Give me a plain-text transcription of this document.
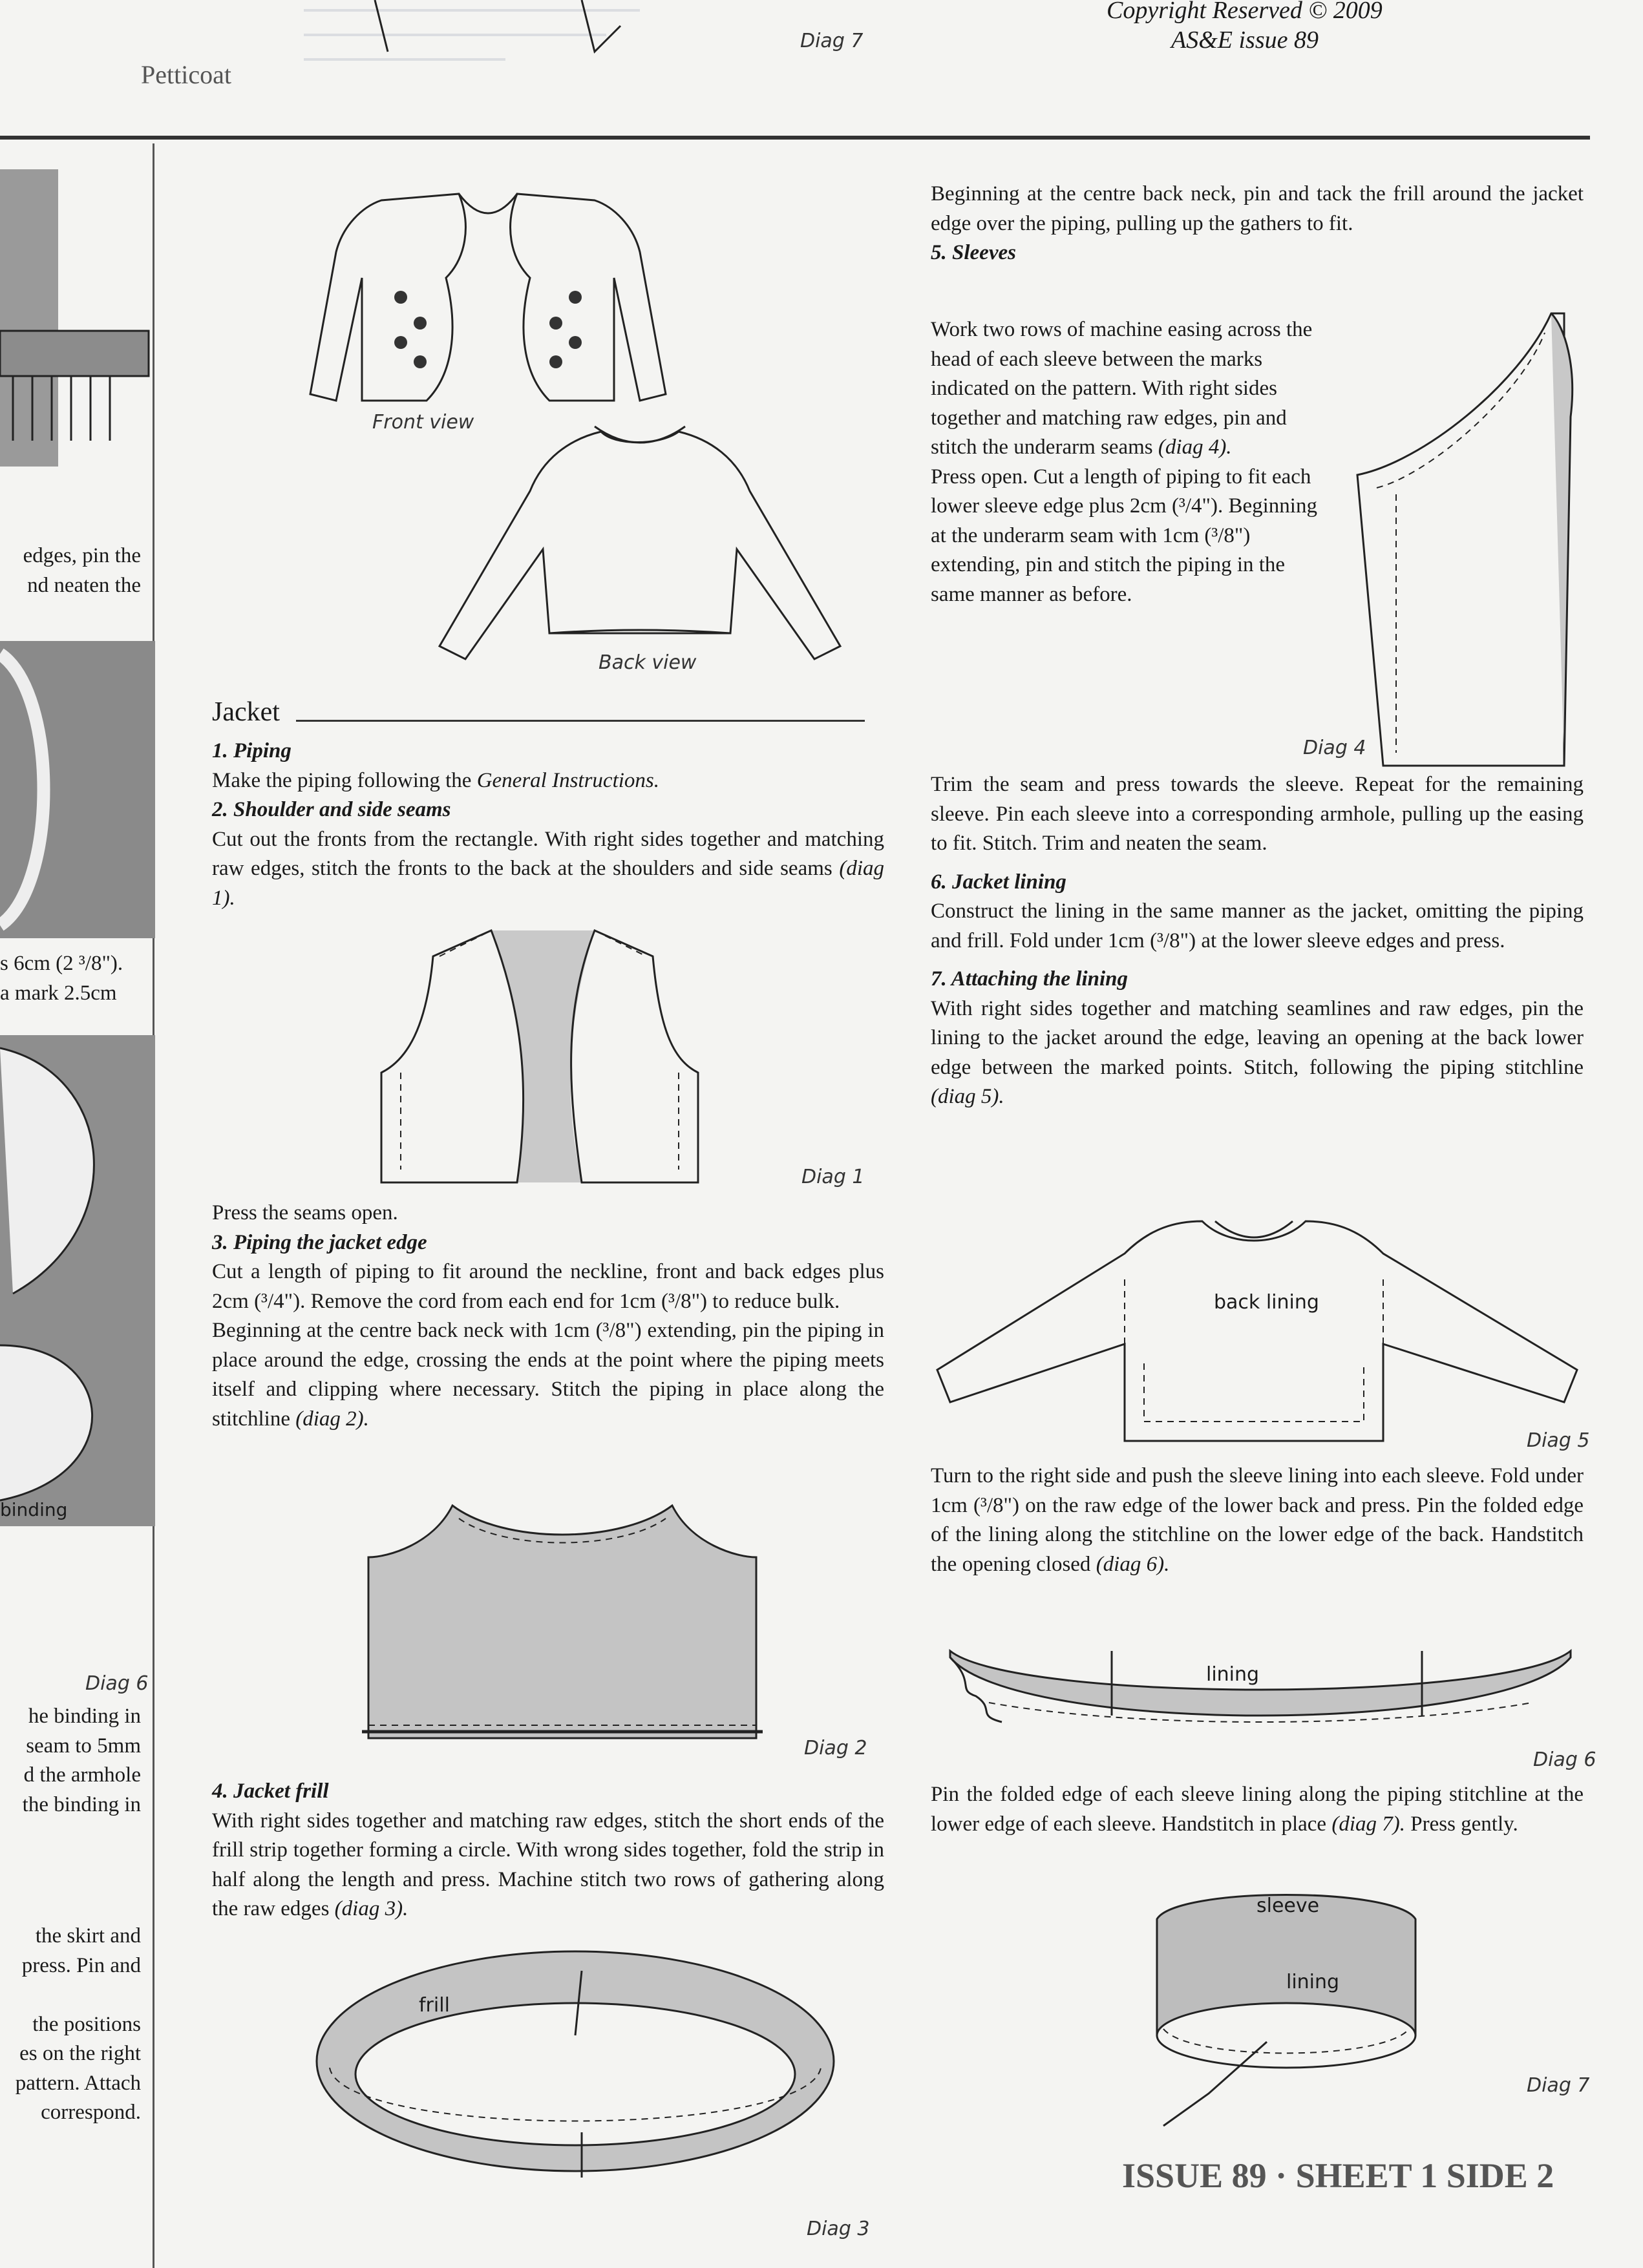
Diag 7
Copyright Reserved © 2009
AS&E issue 89
Petticoat
edges, pin the
nd neaten the
s 6cm (2 ³/8").
a mark 2.5cm
binding
Diag 6

he binding in

seam to 5mm

d the armhole

the binding in

the skirt and

press. Pin and

the positions

es on the right

pattern. Attach

correspond.

Front view
Back view
Jacket
1. Piping

Make the piping following the General Instructions.

2. Shoulder and side seams

Cut out the fronts from the rectangle. With right sides together and matching raw edges, stitch the fronts to the back at the shoulders and side seams (diag 1).

Diag 1

Press the seams open.

3. Piping the jacket edge

Cut a length of piping to fit around the neckline, front and back edges plus 2cm (³/4"). Remove the cord from each end for 1cm (³/8") to reduce bulk.

Beginning at the centre back neck with 1cm (³/8") extending, pin the piping in place around the edge, crossing the ends at the point where the piping meets itself and clipping where necessary. Stitch the piping in place along the stitchline (diag 2).

Diag 2
4. Jacket frill

With right sides together and matching raw edges, stitch the short ends of the frill strip together forming a circle. With wrong sides together, fold the strip in half along the length and press. Machine stitch two rows of gathering along the raw edges (diag 3).

frill
Diag 3

Beginning at the centre back neck, pin and tack the frill around the jacket edge over the piping, pulling up the gathers to fit.

5. Sleeves

Work two rows of machine easing across the head of each sleeve between the marks indicated on the pattern. With right sides together and matching raw edges, pin and stitch the underarm seams (diag 4).

Press open. Cut a length of piping to fit each lower sleeve edge plus 2cm (³/4"). Beginning at the underarm seam with 1cm (³/8") extending, pin and stitch the piping in the same manner as before.

Diag 4

Trim the seam and press towards the sleeve. Repeat for the remaining sleeve. Pin each sleeve into a corresponding armhole, pulling up the easing to fit. Stitch. Trim and neaten the seam.

6. Jacket lining

Construct the lining in the same manner as the jacket, omitting the piping and frill. Fold under 1cm (³/8") at the lower sleeve edges and press.

7. Attaching the lining

With right sides together and matching seamlines and raw edges, pin the lining to the jacket around the edge, leaving an opening at the back lower edge between the marked points. Stitch, following the piping stitchline (diag 5).

back lining
Diag 5

Turn to the right side and push the sleeve lining into each sleeve. Fold under 1cm (³/8") on the raw edge of the lower back and press. Pin the folded edge of the lining along the stitchline on the lower edge of the back. Handstitch the opening closed (diag 6).

lining
Diag 6

Pin the folded edge of each sleeve lining along the piping stitchline at the lower edge of each sleeve. Handstitch in place (diag 7). Press gently.

sleeve
lining
Diag 7
ISSUE 89 · SHEET 1 SIDE 2
